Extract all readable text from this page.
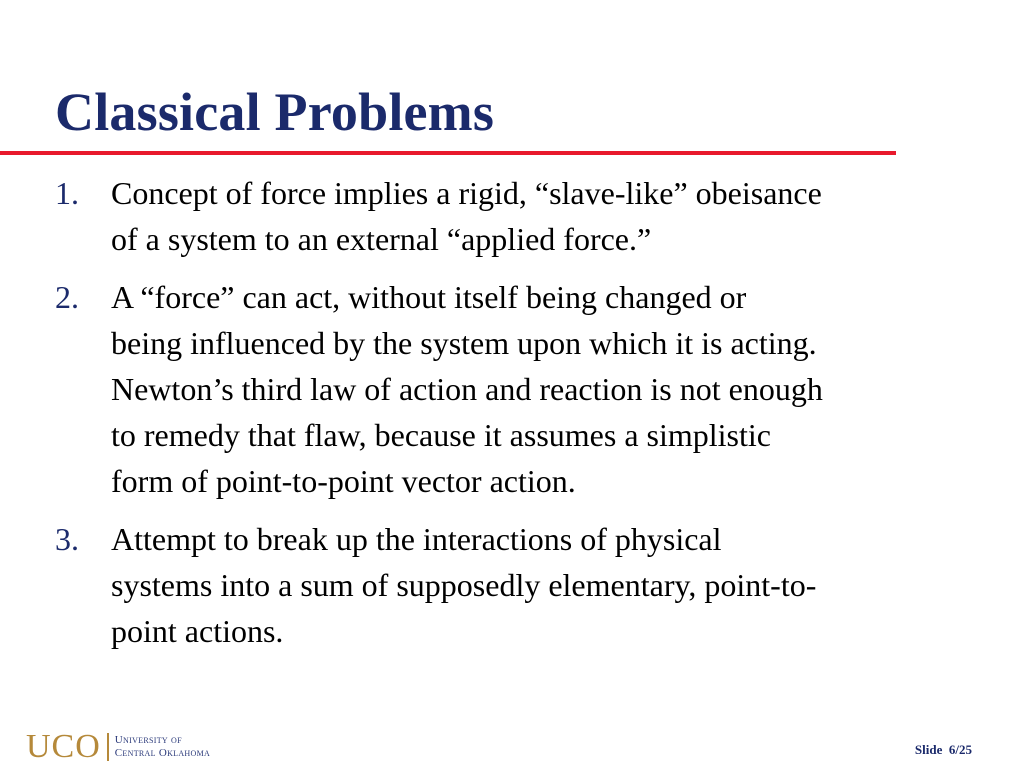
Classical Problems
1.	Concept of force implies a rigid, “slave-like” obeisance
of a system to an external “applied force.”
2.	A “force” can act, without itself being changed or
being influenced by the system upon which it is acting.
Newton’s third law of action and reaction is not enough
to remedy that flaw, because it assumes a simplistic
form of point-to-point vector action.
3.	Attempt to break up the interactions of physical
systems into a sum of supposedly elementary, point-to-
point actions.
UCO University of
Central Oklahoma	Slide 6/25
